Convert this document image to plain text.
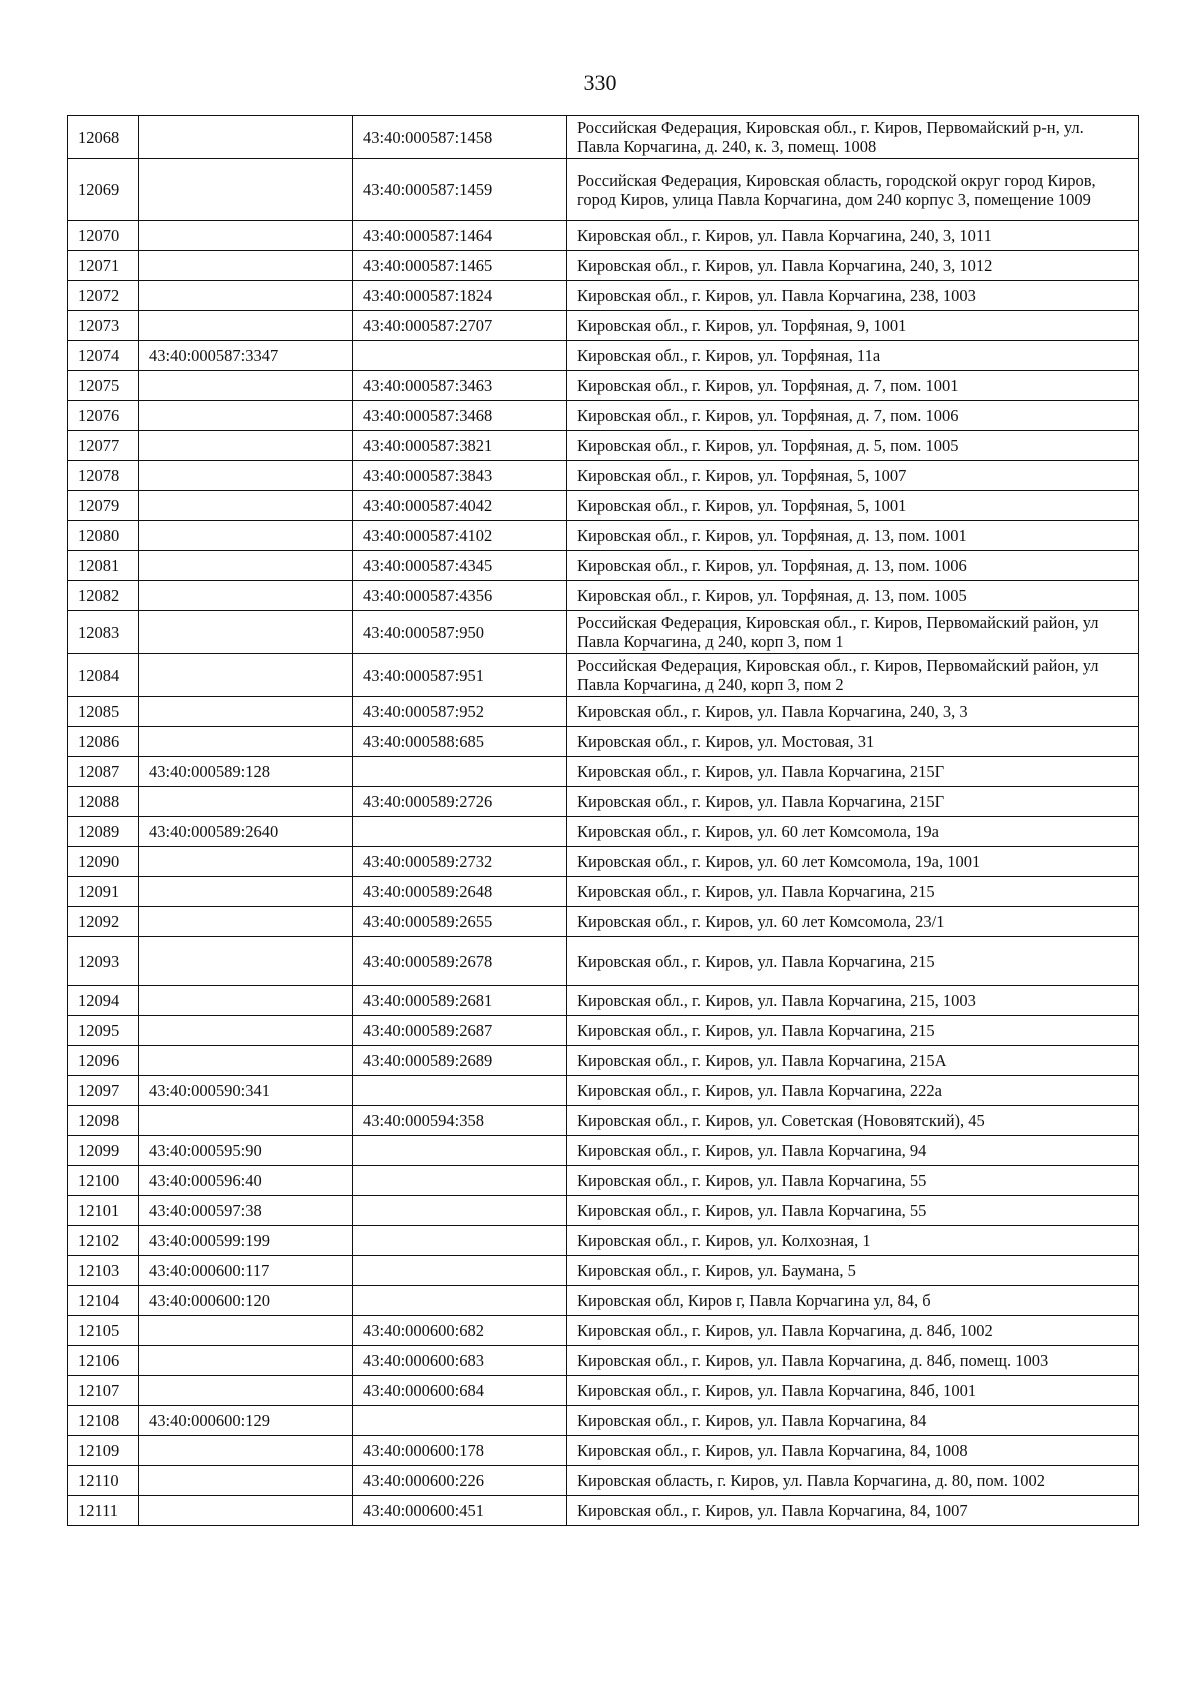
330
12068		43:40:000587:1458	Российская Федерация, Кировская обл., г. Киров, Первомайский р-н, ул. Павла Корчагина, д. 240, к. 3, помещ. 1008
12069		43:40:000587:1459	Российская Федерация, Кировская область, городской округ город Киров, город Киров, улица Павла Корчагина, дом 240 корпус 3, помещение 1009
12070		43:40:000587:1464	Кировская обл., г. Киров, ул. Павла Корчагина, 240, 3, 1011
12071		43:40:000587:1465	Кировская обл., г. Киров, ул. Павла Корчагина, 240, 3, 1012
12072		43:40:000587:1824	Кировская обл., г. Киров, ул. Павла Корчагина, 238, 1003
12073		43:40:000587:2707	Кировская обл., г. Киров, ул. Торфяная, 9, 1001
12074	43:40:000587:3347		Кировская обл., г. Киров, ул. Торфяная, 11а
12075		43:40:000587:3463	Кировская обл., г. Киров, ул. Торфяная, д. 7, пом. 1001
12076		43:40:000587:3468	Кировская обл., г. Киров, ул. Торфяная, д. 7, пом. 1006
12077		43:40:000587:3821	Кировская обл., г. Киров, ул. Торфяная, д. 5, пом. 1005
12078		43:40:000587:3843	Кировская обл., г. Киров, ул. Торфяная, 5, 1007
12079		43:40:000587:4042	Кировская обл., г. Киров, ул. Торфяная, 5, 1001
12080		43:40:000587:4102	Кировская обл., г. Киров, ул. Торфяная, д. 13, пом. 1001
12081		43:40:000587:4345	Кировская обл., г. Киров, ул. Торфяная, д. 13, пом. 1006
12082		43:40:000587:4356	Кировская обл., г. Киров, ул. Торфяная, д. 13, пом. 1005
12083		43:40:000587:950	Российская Федерация, Кировская обл., г. Киров, Первомайский район, ул Павла Корчагина, д 240, корп 3, пом 1
12084		43:40:000587:951	Российская Федерация, Кировская обл., г. Киров, Первомайский район, ул Павла Корчагина, д 240, корп 3, пом 2
12085		43:40:000587:952	Кировская обл., г. Киров, ул. Павла Корчагина, 240, 3, 3
12086		43:40:000588:685	Кировская обл., г. Киров, ул. Мостовая, 31
12087	43:40:000589:128		Кировская обл., г. Киров, ул. Павла Корчагина, 215Г
12088		43:40:000589:2726	Кировская обл., г. Киров, ул. Павла Корчагина, 215Г
12089	43:40:000589:2640		Кировская обл., г. Киров, ул. 60 лет Комсомола, 19а
12090		43:40:000589:2732	Кировская обл., г. Киров, ул. 60 лет Комсомола, 19а, 1001
12091		43:40:000589:2648	Кировская обл., г. Киров, ул. Павла Корчагина, 215
12092		43:40:000589:2655	Кировская обл., г. Киров, ул. 60 лет Комсомола, 23/1
12093		43:40:000589:2678	Кировская обл., г. Киров, ул. Павла Корчагина, 215
12094		43:40:000589:2681	Кировская обл., г. Киров, ул. Павла Корчагина, 215, 1003
12095		43:40:000589:2687	Кировская обл., г. Киров, ул. Павла Корчагина, 215
12096		43:40:000589:2689	Кировская обл., г. Киров, ул. Павла Корчагина, 215А
12097	43:40:000590:341		Кировская обл., г. Киров, ул. Павла Корчагина, 222а
12098		43:40:000594:358	Кировская обл., г. Киров, ул. Советская (Нововятский), 45
12099	43:40:000595:90		Кировская обл., г. Киров, ул. Павла Корчагина, 94
12100	43:40:000596:40		Кировская обл., г. Киров, ул. Павла Корчагина, 55
12101	43:40:000597:38		Кировская обл., г. Киров, ул. Павла Корчагина, 55
12102	43:40:000599:199		Кировская обл., г. Киров, ул. Колхозная, 1
12103	43:40:000600:117		Кировская обл., г. Киров, ул. Баумана, 5
12104	43:40:000600:120		Кировская обл, Киров г, Павла Корчагина ул, 84, б
12105		43:40:000600:682	Кировская обл., г. Киров, ул. Павла Корчагина, д. 84б, 1002
12106		43:40:000600:683	Кировская обл., г. Киров, ул. Павла Корчагина, д. 84б, помещ. 1003
12107		43:40:000600:684	Кировская обл., г. Киров, ул. Павла Корчагина, 84б, 1001
12108	43:40:000600:129		Кировская обл., г. Киров, ул. Павла Корчагина, 84
12109		43:40:000600:178	Кировская обл., г. Киров, ул. Павла Корчагина, 84, 1008
12110		43:40:000600:226	Кировская область, г. Киров, ул. Павла Корчагина, д. 80, пом. 1002
12111		43:40:000600:451	Кировская обл., г. Киров, ул. Павла Корчагина, 84, 1007
